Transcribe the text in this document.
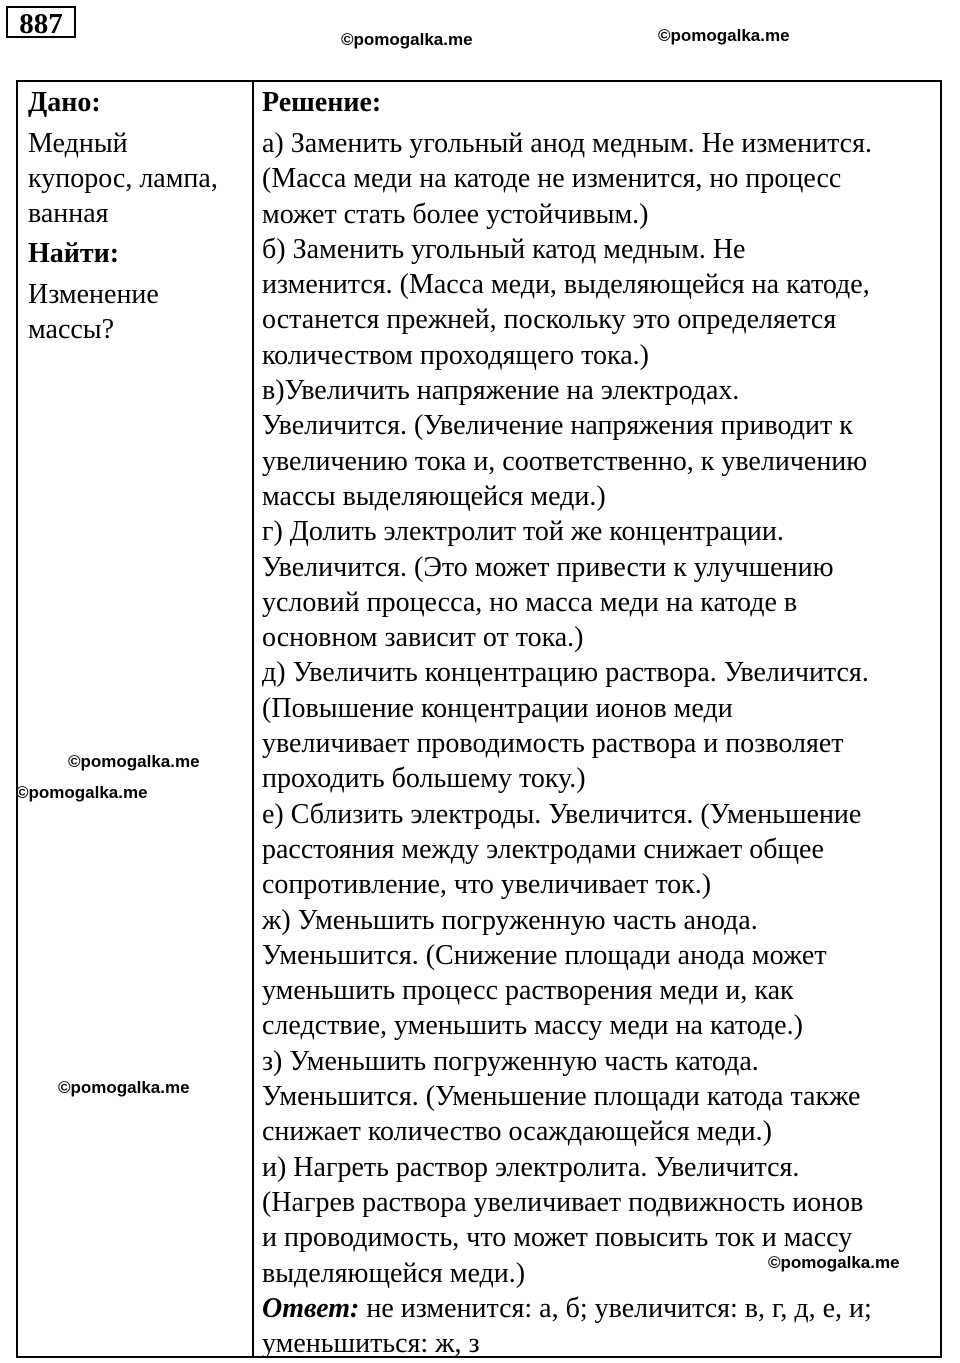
887	©pomogalka.me	©pomogalka.me

Дано:

Медный
купорос, лампа,
ванная

Найти:

Изменение
массы?

Решение:

а) Заменить угольный анод медным. Не изменится.
(Масса меди на катоде не изменится, но процесс
может стать более устойчивым.)
б) Заменить угольный катод медным. Не
изменится. (Масса меди, выделяющейся на катоде,
останется прежней, поскольку это определяется
количеством проходящего тока.)
в)Увеличить напряжение на электродах.
Увеличится. (Увеличение напряжения приводит к
увеличению тока и, соответственно, к увеличению
массы выделяющейся меди.)
г) Долить электролит той же концентрации.
Увеличится. (Это может привести к улучшению
условий процесса, но масса меди на катоде в
основном зависит от тока.)
д) Увеличить концентрацию раствора. Увеличится.
(Повышение концентрации ионов меди
увеличивает проводимость раствора и позволяет
проходить большему току.)
е) Сблизить электроды. Увеличится. (Уменьшение
расстояния между электродами снижает общее
сопротивление, что увеличивает ток.)
ж) Уменьшить погруженную часть анода.
Уменьшится. (Снижение площади анода может
уменьшить процесс растворения меди и, как
следствие, уменьшить массу меди на катоде.)
з) Уменьшить погруженную часть катода.
Уменьшится. (Уменьшение площади катода также
снижает количество осаждающейся меди.)
и) Нагреть раствор электролита. Увеличится.
(Нагрев раствора увеличивает подвижность ионов
и проводимость, что может повысить ток и массу
выделяющейся меди.)
Ответ: не изменится: а, б; увеличится: в, г, д, е, и;
уменьшиться: ж, з
©pomogalka.me
©pomogalka.me
©pomogalka.me
©pomogalka.me
